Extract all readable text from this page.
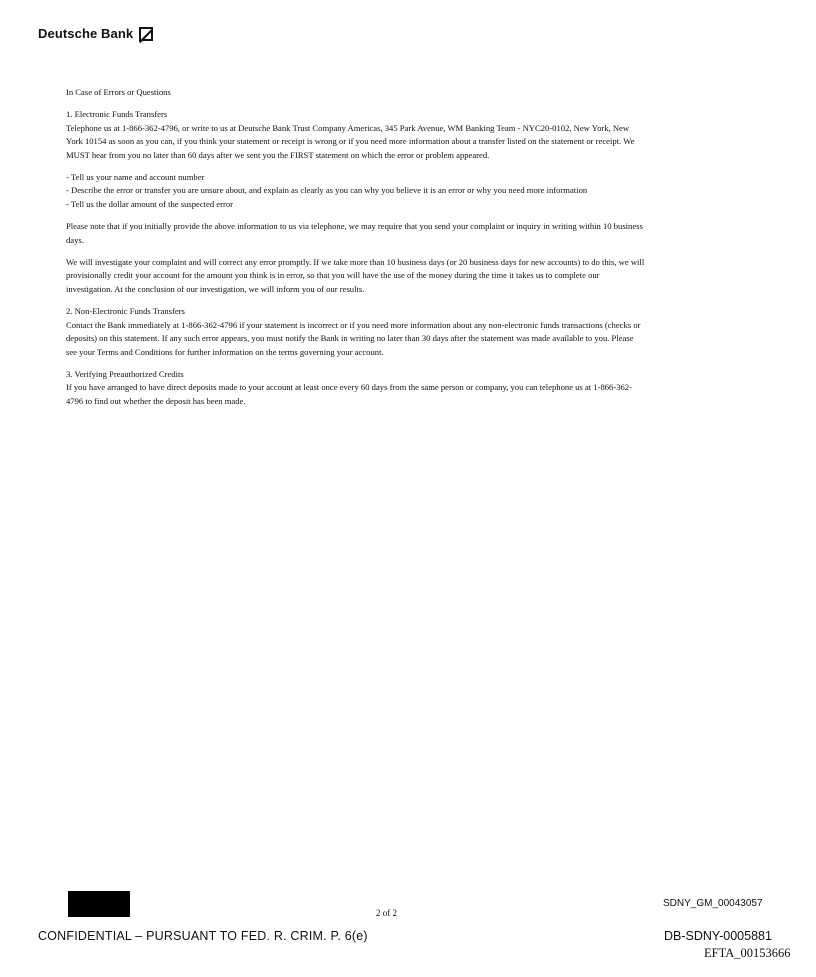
Deutsche Bank

In Case of Errors or Questions

1. Electronic Funds Transfers

Telephone us at 1-866-362-4796, or write to us at Deutsche Bank Trust Company Americas, 345 Park Avenue, WM Banking Team - NYC20-0102, New York, New York 10154 as soon as you can, if you think your statement or receipt is wrong or if you need more information about a transfer listed on the statement or receipt. We MUST hear from you no later than 60 days after we sent you the FIRST statement on which the error or problem appeared.

- Tell us your name and account number

- Describe the error or transfer you are unsure about, and explain as clearly as you can why you believe it is an error or why you need more information

- Tell us the dollar amount of the suspected error

Please note that if you initially provide the above information to us via telephone, we may require that you send your complaint or inquiry in writing within 10 business days.

We will investigate your complaint and will correct any error promptly. If we take more than 10 business days (or 20 business days for new accounts) to do this, we will provisionally credit your account for the amount you think is in error, so that you will have the use of the money during the time it takes us to complete our investigation. At the conclusion of our investigation, we will inform you of our results.

2. Non-Electronic Funds Transfers

Contact the Bank immediately at 1-866-362-4796 if your statement is incorrect or if you need more information about any non-electronic funds transactions (checks or deposits) on this statement. If any such error appears, you must notify the Bank in writing no later than 30 days after the statement was made available to you. Please see your Terms and Conditions for further information on the terms governing your account.

3. Verifying Preauthorized Credits

If you have arranged to have direct deposits made to your account at least once every 60 days from the same person or company, you can telephone us at 1-866-362-4796 to find out whether the deposit has been made.

2 of 2
SDNY_GM_00043057
CONFIDENTIAL – PURSUANT TO FED. R. CRIM. P. 6(e)	DB-SDNY-0005881
EFTA_00153666
